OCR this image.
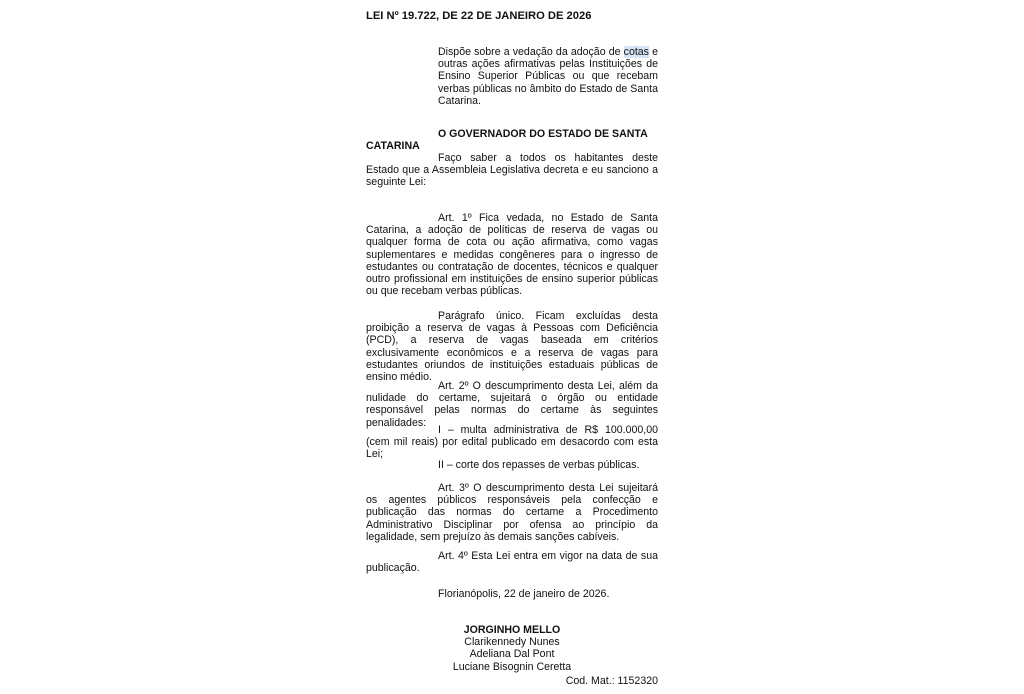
LEI Nº 19.722, DE 22 DE JANEIRO DE 2026
Dispõe sobre a vedação da adoção de cotas e outras ações afirmativas pelas Instituições de Ensino Superior Públicas ou que recebam verbas públicas no âmbito do Estado de Santa Catarina.
O GOVERNADOR DO ESTADO DE SANTA
CATARINA
Faço saber a todos os habitantes deste Estado que a Assembleia Legislativa decreta e eu sanciono a seguinte Lei:
Art. 1º Fica vedada, no Estado de Santa Catarina, a adoção de políticas de reserva de vagas ou qualquer forma de cota ou ação afirmativa, como vagas suplementares e medidas congêneres para o ingresso de estudantes ou contratação de docentes, técnicos e qualquer outro profissional em instituições de ensino superior públicas ou que recebam verbas públicas.
Parágrafo único. Ficam excluídas desta proibição a reserva de vagas à Pessoas com Deficiência (PCD), a reserva de vagas baseada em critérios exclusivamente econômicos e a reserva de vagas para estudantes oriundos de instituições estaduais públicas de ensino médio.
Art. 2º O descumprimento desta Lei, além da nulidade do certame, sujeitará o órgão ou entidade responsável pelas normas do certame às seguintes penalidades:
I – multa administrativa de R$ 100.000,00 (cem mil reais) por edital publicado em desacordo com esta Lei;
II – corte dos repasses de verbas públicas.
Art. 3º O descumprimento desta Lei sujeitará os agentes públicos responsáveis pela confecção e publicação das normas do certame a Procedimento Administrativo Disciplinar por ofensa ao princípio da legalidade, sem prejuízo às demais sanções cabíveis.
Art. 4º Esta Lei entra em vigor na data de sua publicação.
Florianópolis, 22 de janeiro de 2026.
JORGINHO MELLO
Clarikennedy Nunes
Adeliana Dal Pont
Luciane Bisognin Ceretta
Cod. Mat.: 1152320
